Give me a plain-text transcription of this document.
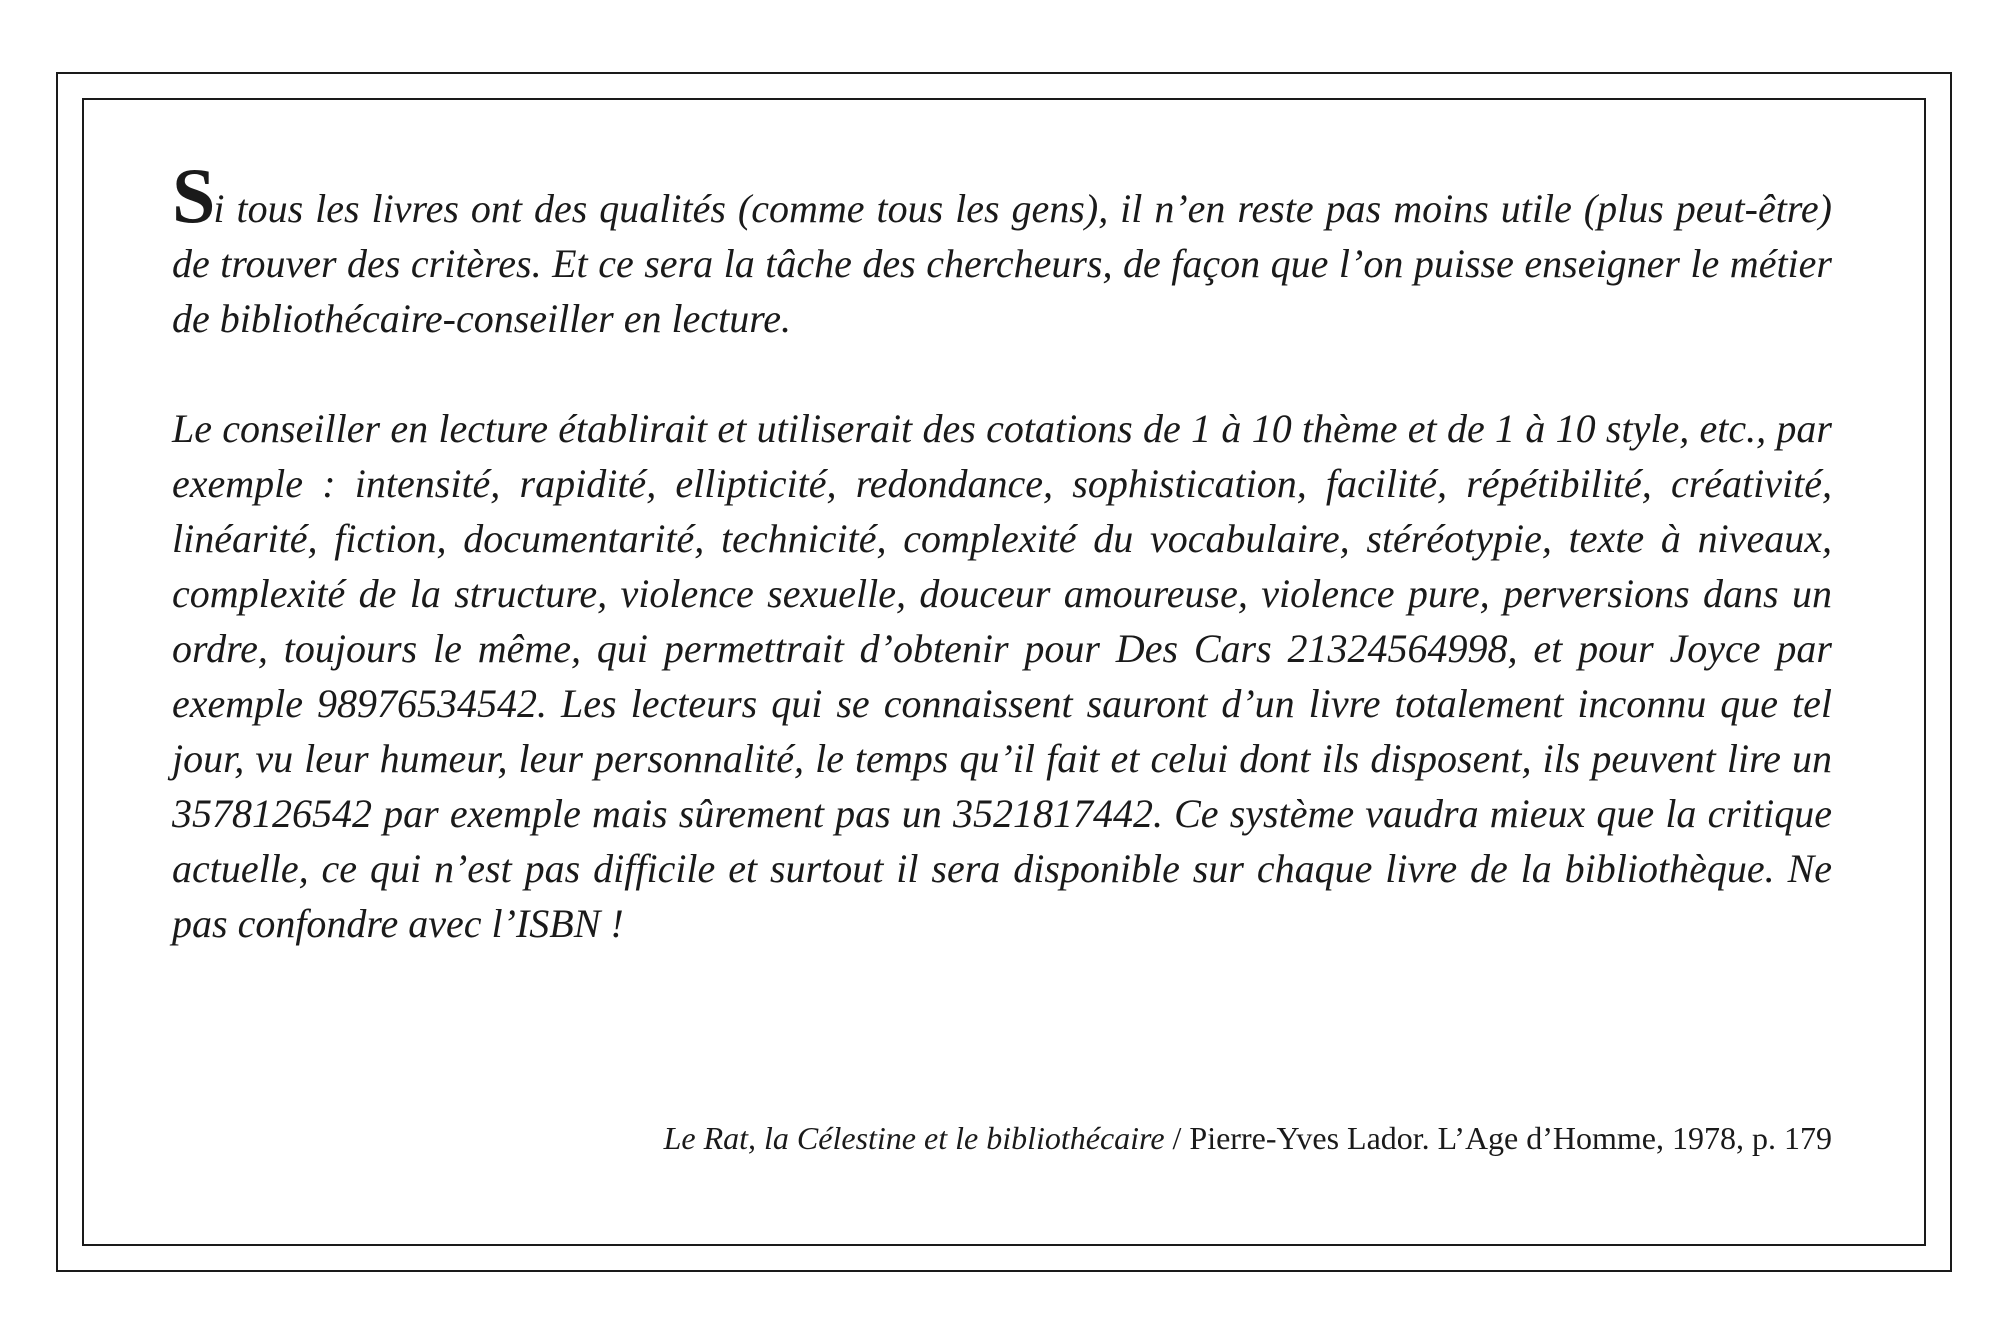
Si tous les livres ont des qualités (comme tous les gens), il n’en reste pas moins utile (plus peut-être) de trouver des critères. Et ce sera la tâche des chercheurs, de façon que l’on puisse enseigner le métier de bibliothécaire-conseiller en lecture.

Le conseiller en lecture établirait et utiliserait des cotations de 1 à 10 thème et de 1 à 10 style, etc., par exemple : intensité, rapidité, ellipticité, redondance, sophistication, facilité, répétibilité, créativité, linéarité, fiction, documentarité, technicité, complexité du vocabulaire, stéréotypie, texte à niveaux, complexité de la structure, violence sexuelle, douceur amoureuse, violence pure, perversions dans un ordre, toujours le même, qui permettrait d’obtenir pour Des Cars 21324564998, et pour Joyce par exemple 98976534542. Les lecteurs qui se connaissent sauront d’un livre totalement inconnu que tel jour, vu leur humeur, leur personnalité, le temps qu’il fait et celui dont ils disposent, ils peuvent lire un 3578126542 par exemple mais sûrement pas un 3521817442. Ce système vaudra mieux que la critique actuelle, ce qui n’est pas difficile et surtout il sera disponible sur chaque livre de la bibliothèque. Ne pas confondre avec l’ISBN !

Le Rat, la Célestine et le bibliothécaire / Pierre-Yves Lador. L’Age d’Homme, 1978, p. 179
